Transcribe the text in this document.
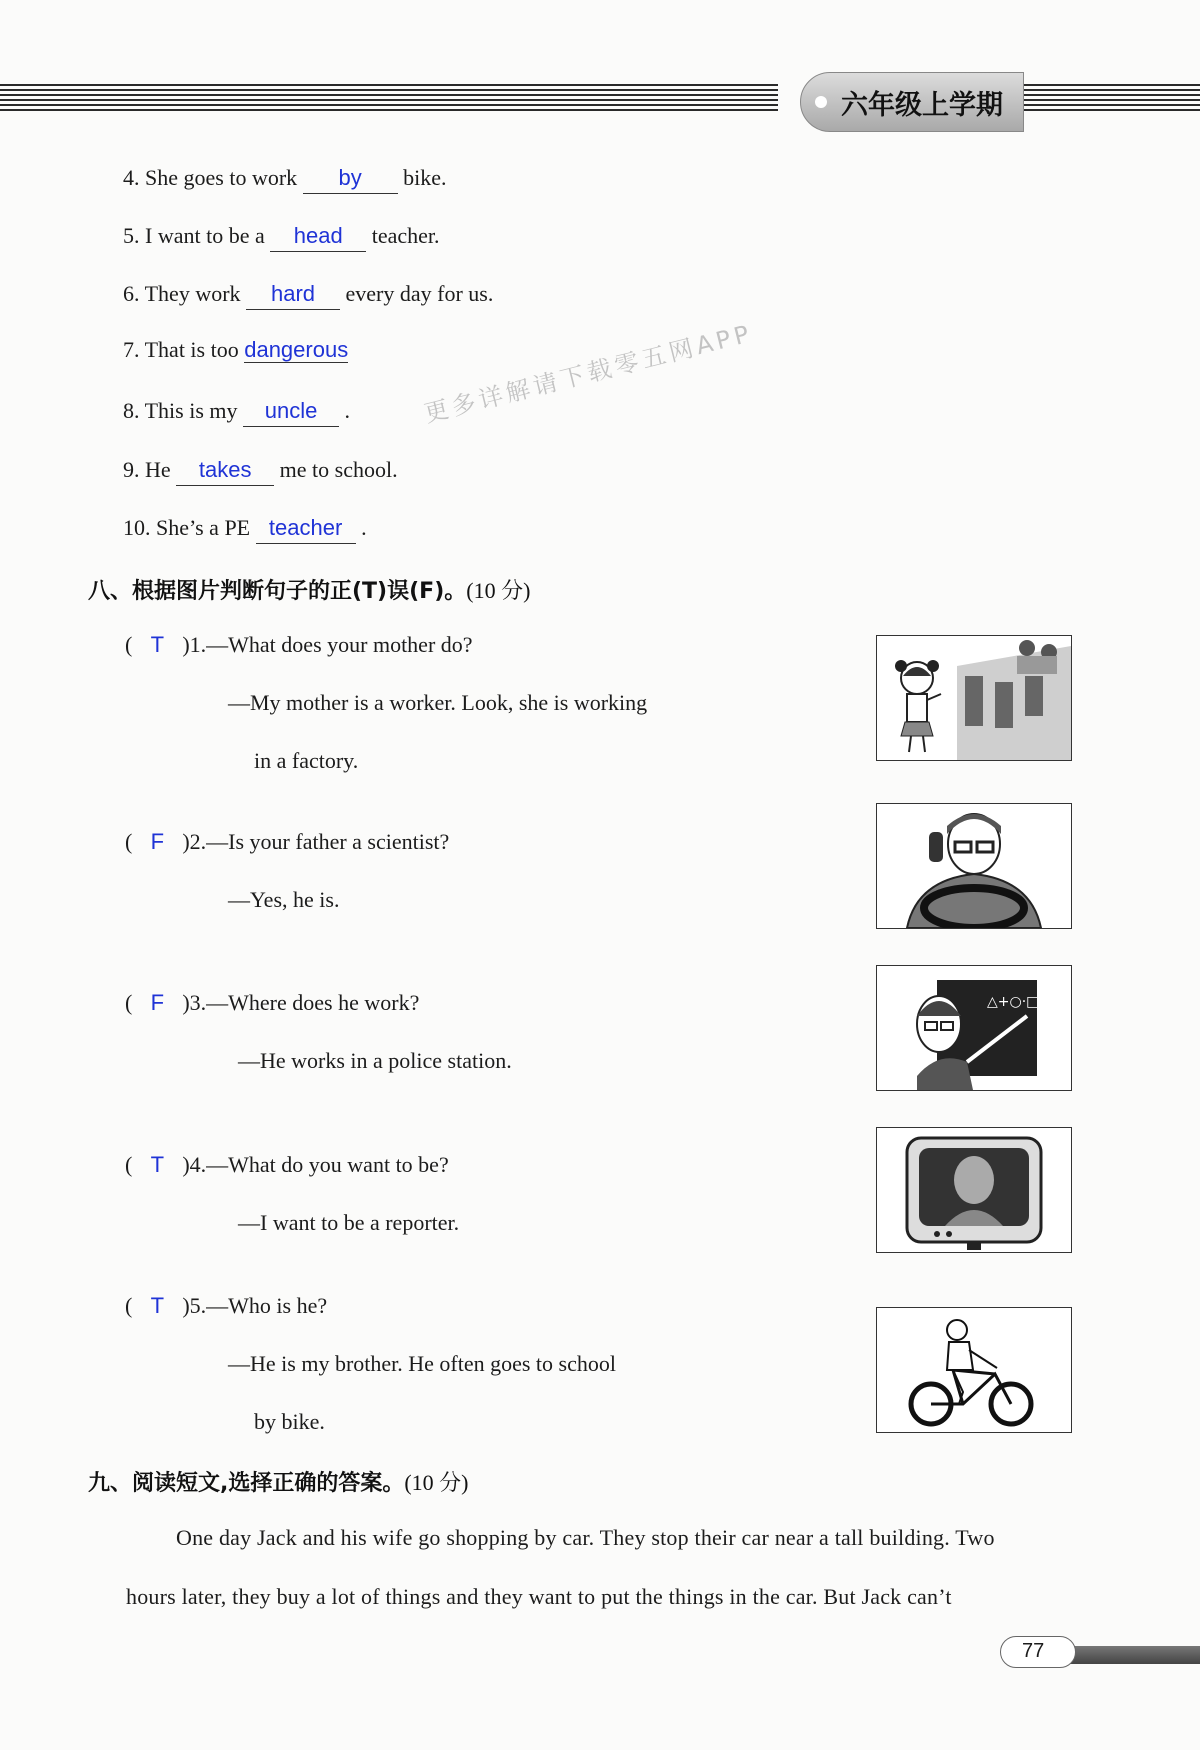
六年级上学期
4. She goes to work by bike.
5. I want to be a head teacher.
6. They work hard every day for us.
7. That is too dangerous
8. This is my uncle .
9. He takes me to school.
10. She’s a PE teacher .
更多详解请下载零五网APP
八、根据图片判断句子的正(T)误(F)。(10 分)
( T )1.—What does your mother do?
—My mother is a worker. Look, she is working
in a factory.
( F )2.—Is your father a scientist?
—Yes, he is.
( F )3.—Where does he work?
—He works in a police station.
△+○·□
( T )4.—What do you want to be?
—I want to be a reporter.
( T )5.—Who is he?
—He is my brother. He often goes to school
by bike.
九、阅读短文,选择正确的答案。(10 分)
One day Jack and his wife go shopping by car. They stop their car near a tall building. Two
hours later, they buy a lot of things and they want to put the things in the car. But Jack can’t
77
